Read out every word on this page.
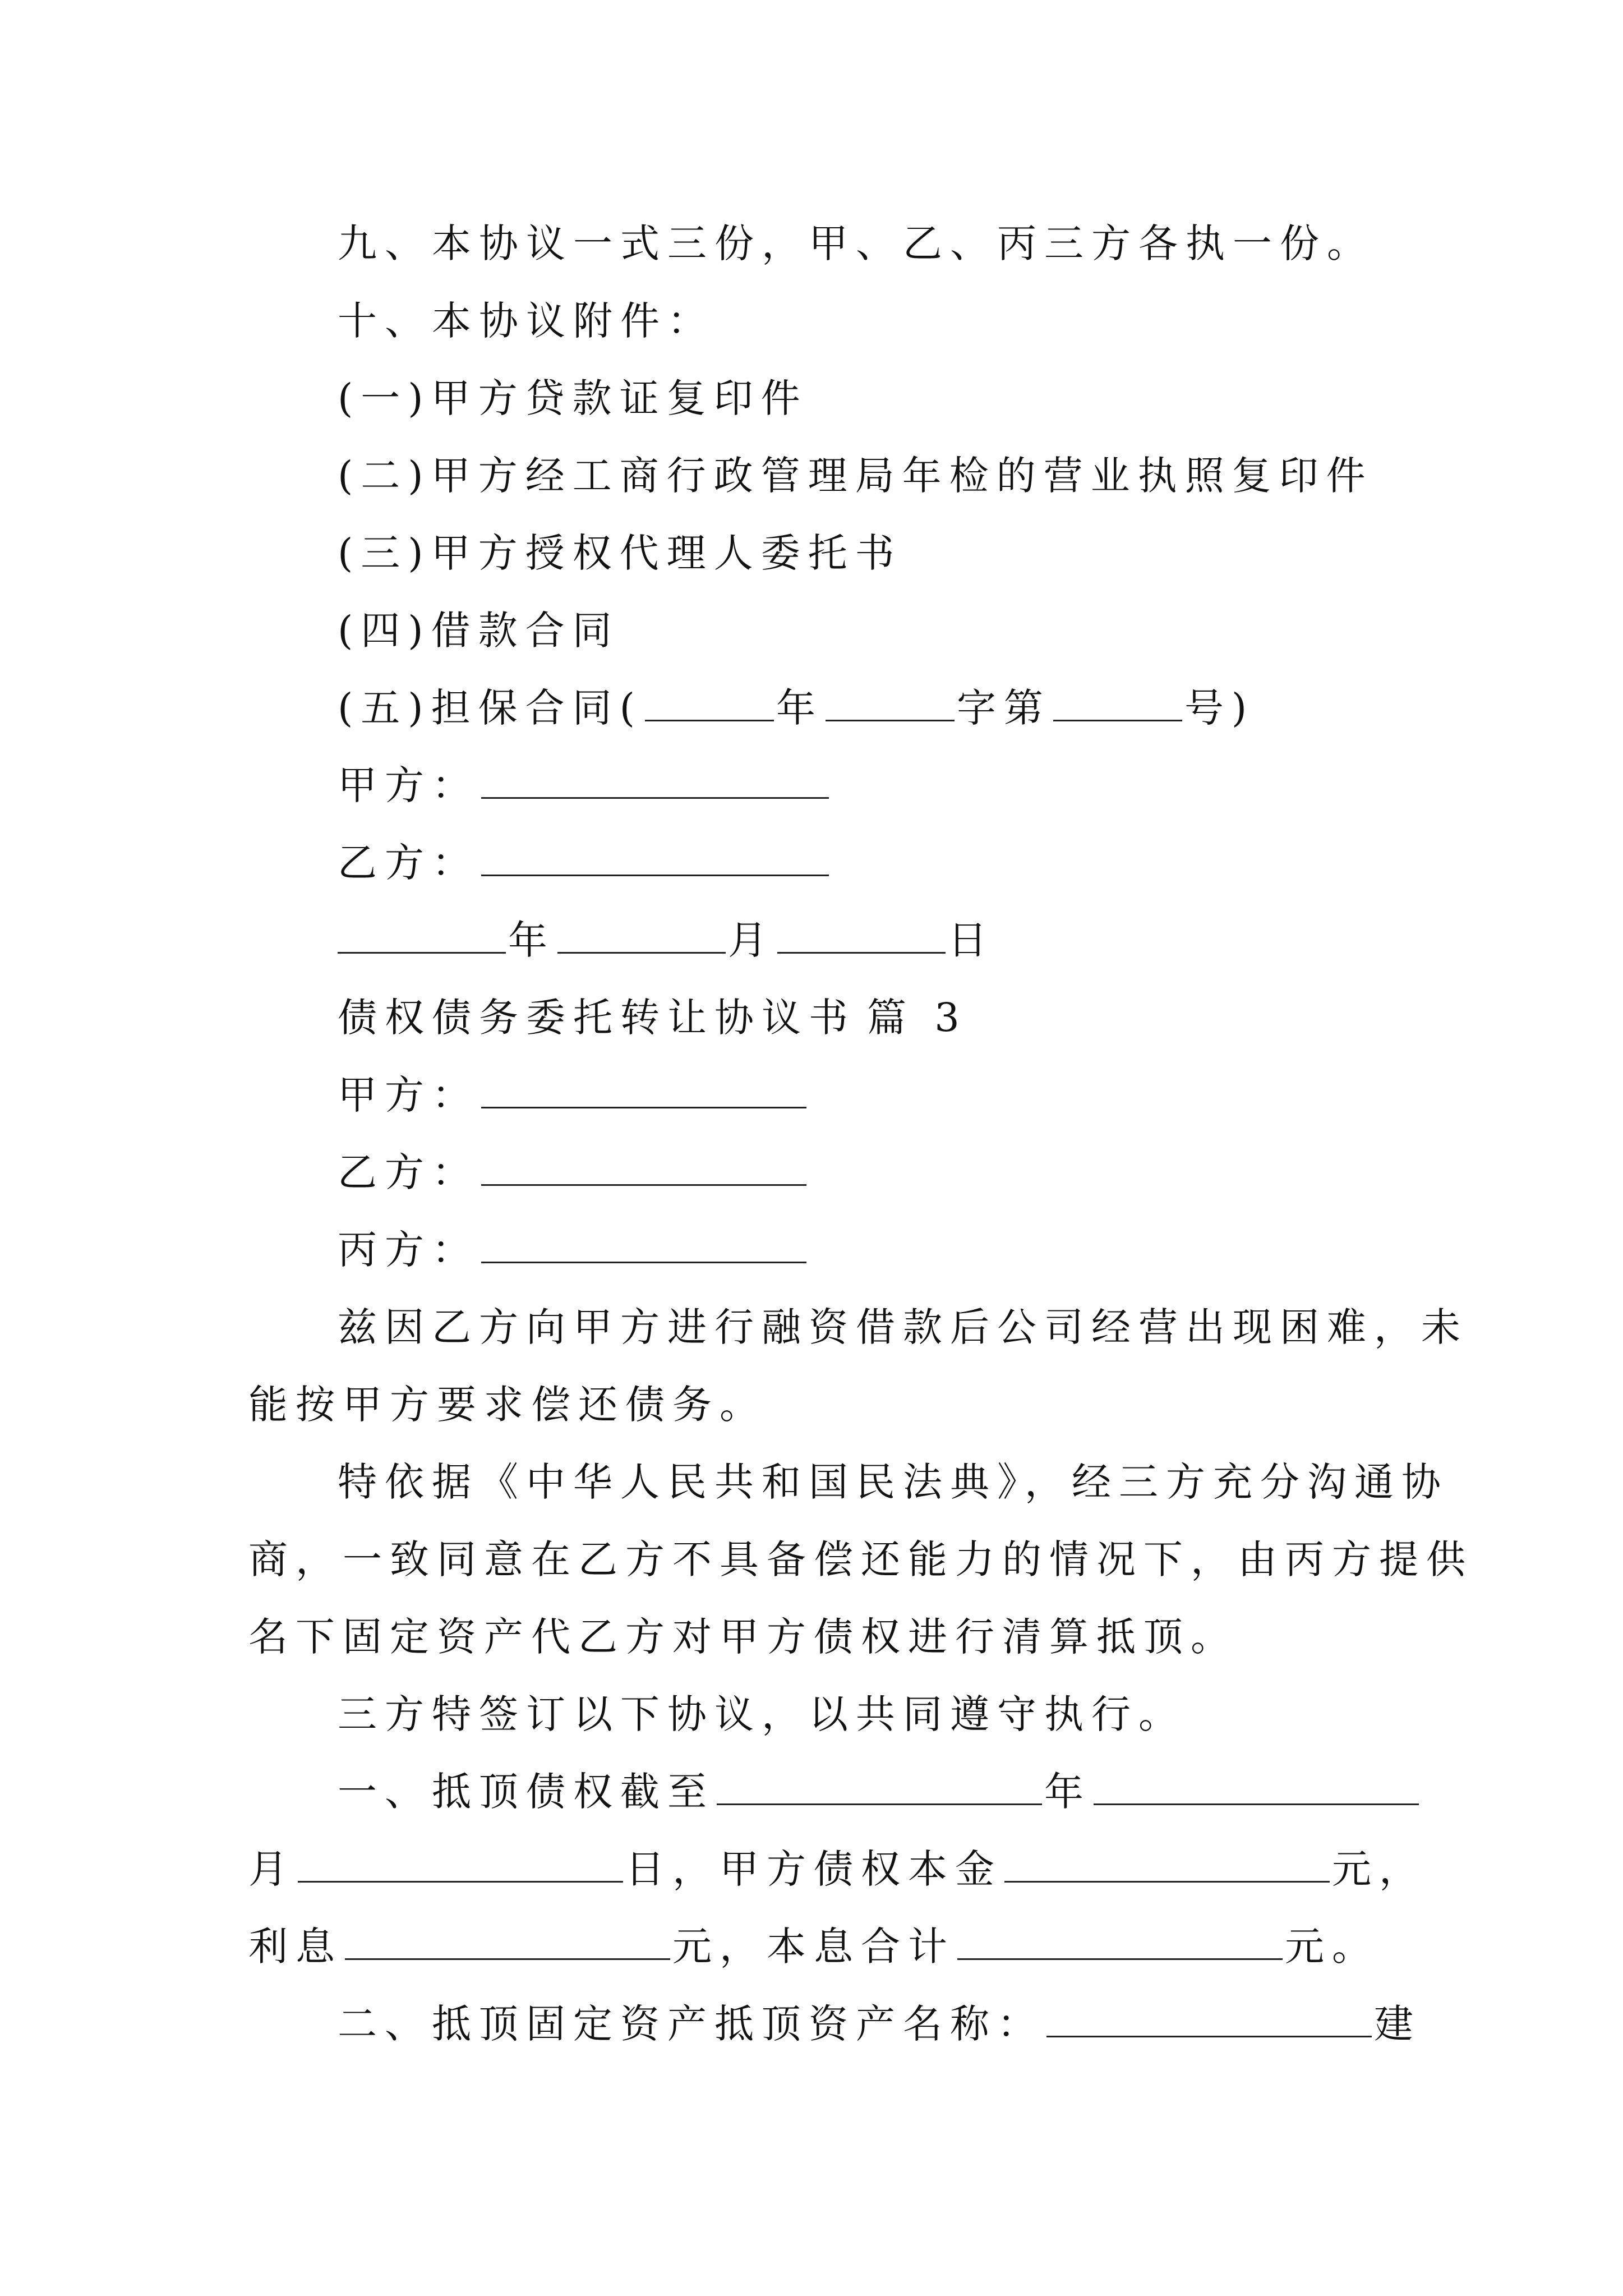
九、本协议一式三份，甲、乙、丙三方各执一份。
十、本协议附件：
(一)甲方贷款证复印件
(二)甲方经工商行政管理局年检的营业执照复印件
(三)甲方授权代理人委托书
(四)借款合同
(五)担保合同(	年	字第	号)
甲方：
乙方：
年	月	日
债权债务委托转让协议书 篇 3
甲方：
乙方：
丙方：
兹因乙方向甲方进行融资借款后公司经营出现困难，未
能按甲方要求偿还债务。
特依据《中华人民共和国民法典》，经三方充分沟通协
商，一致同意在乙方不具备偿还能力的情况下，由丙方提供
名下固定资产代乙方对甲方债权进行清算抵顶。
三方特签订以下协议，以共同遵守执行。
一、抵顶债权截至	年
月	日，甲方债权本金	元，
利息	元，本息合计	元。
二、抵顶固定资产抵顶资产名称：	建
